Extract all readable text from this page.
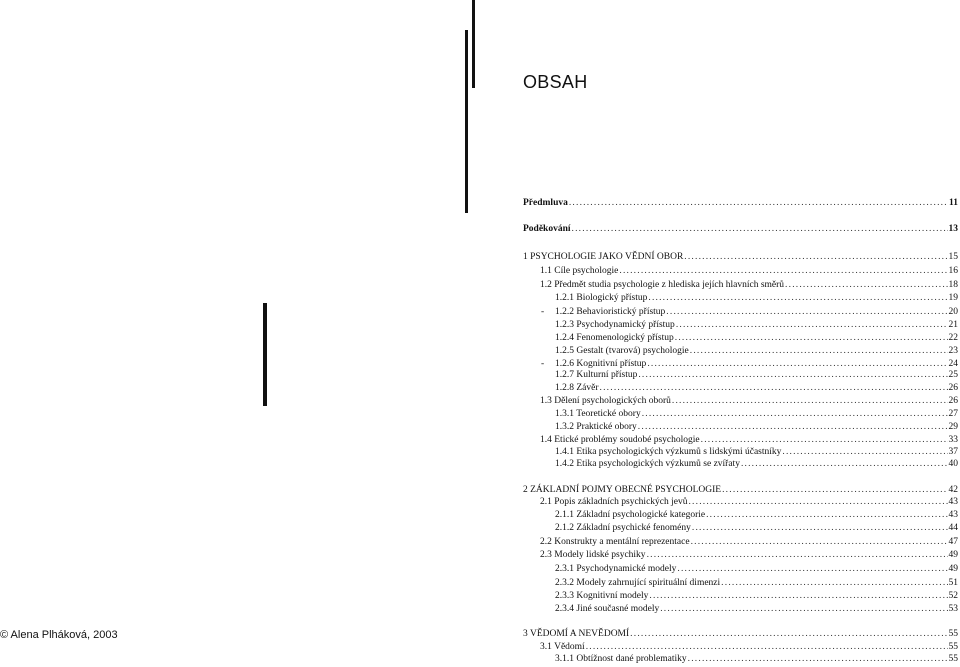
OBSAH
Předmluva .....	11
Poděkování .....	13
1 PSYCHOLOGIE JAKO VĚDNÍ OBOR .....	15
1.1 Cíle psychologie .....	16
1.2 Předmět studia psychologie z hlediska jejích hlavních směrů .....	18
1.2.1 Biologický přístup .....	19
- 1.2.2 Behavioristický přístup .....	20
1.2.3 Psychodynamický přístup .....	21
1.2.4 Fenomenologický přístup .....	22
1.2.5 Gestalt (tvarová) psychologie .....	23
- 1.2.6 Kognitivní přístup .....	24
1.2.7 Kulturní přístup .....	25
1.2.8 Závěr .....	26
1.3 Dělení psychologických oborů .....	26
1.3.1 Teoretické obory .....	27
1.3.2 Praktické obory .....	29
1.4 Etické problémy soudobé psychologie .....	33
1.4.1 Etika psychologických výzkumů s lidskými účastníky .....	37
1.4.2 Etika psychologických výzkumů se zvířaty .....	40
2 ZÁKLADNÍ POJMY OBECNÉ PSYCHOLOGIE .....	42
2.1 Popis základních psychických jevů .....	43
2.1.1 Základní psychologické kategorie .....	43
2.1.2 Základní psychické fenomény .....	44
2.2 Konstrukty a mentální reprezentace .....	47
2.3 Modely lidské psychiky .....	49
2.3.1 Psychodynamické modely .....	49
2.3.2 Modely zahrnující spirituální dimenzi .....	51
2.3.3 Kognitivní modely .....	52
2.3.4 Jiné současné modely .....	53
3 VĚDOMÍ A NEVĚDOMÍ .....	55
3.1 Vědomí .....	55
3.1.1 Obtížnost dané problematiky .....	55
© Alena Plháková, 2003
